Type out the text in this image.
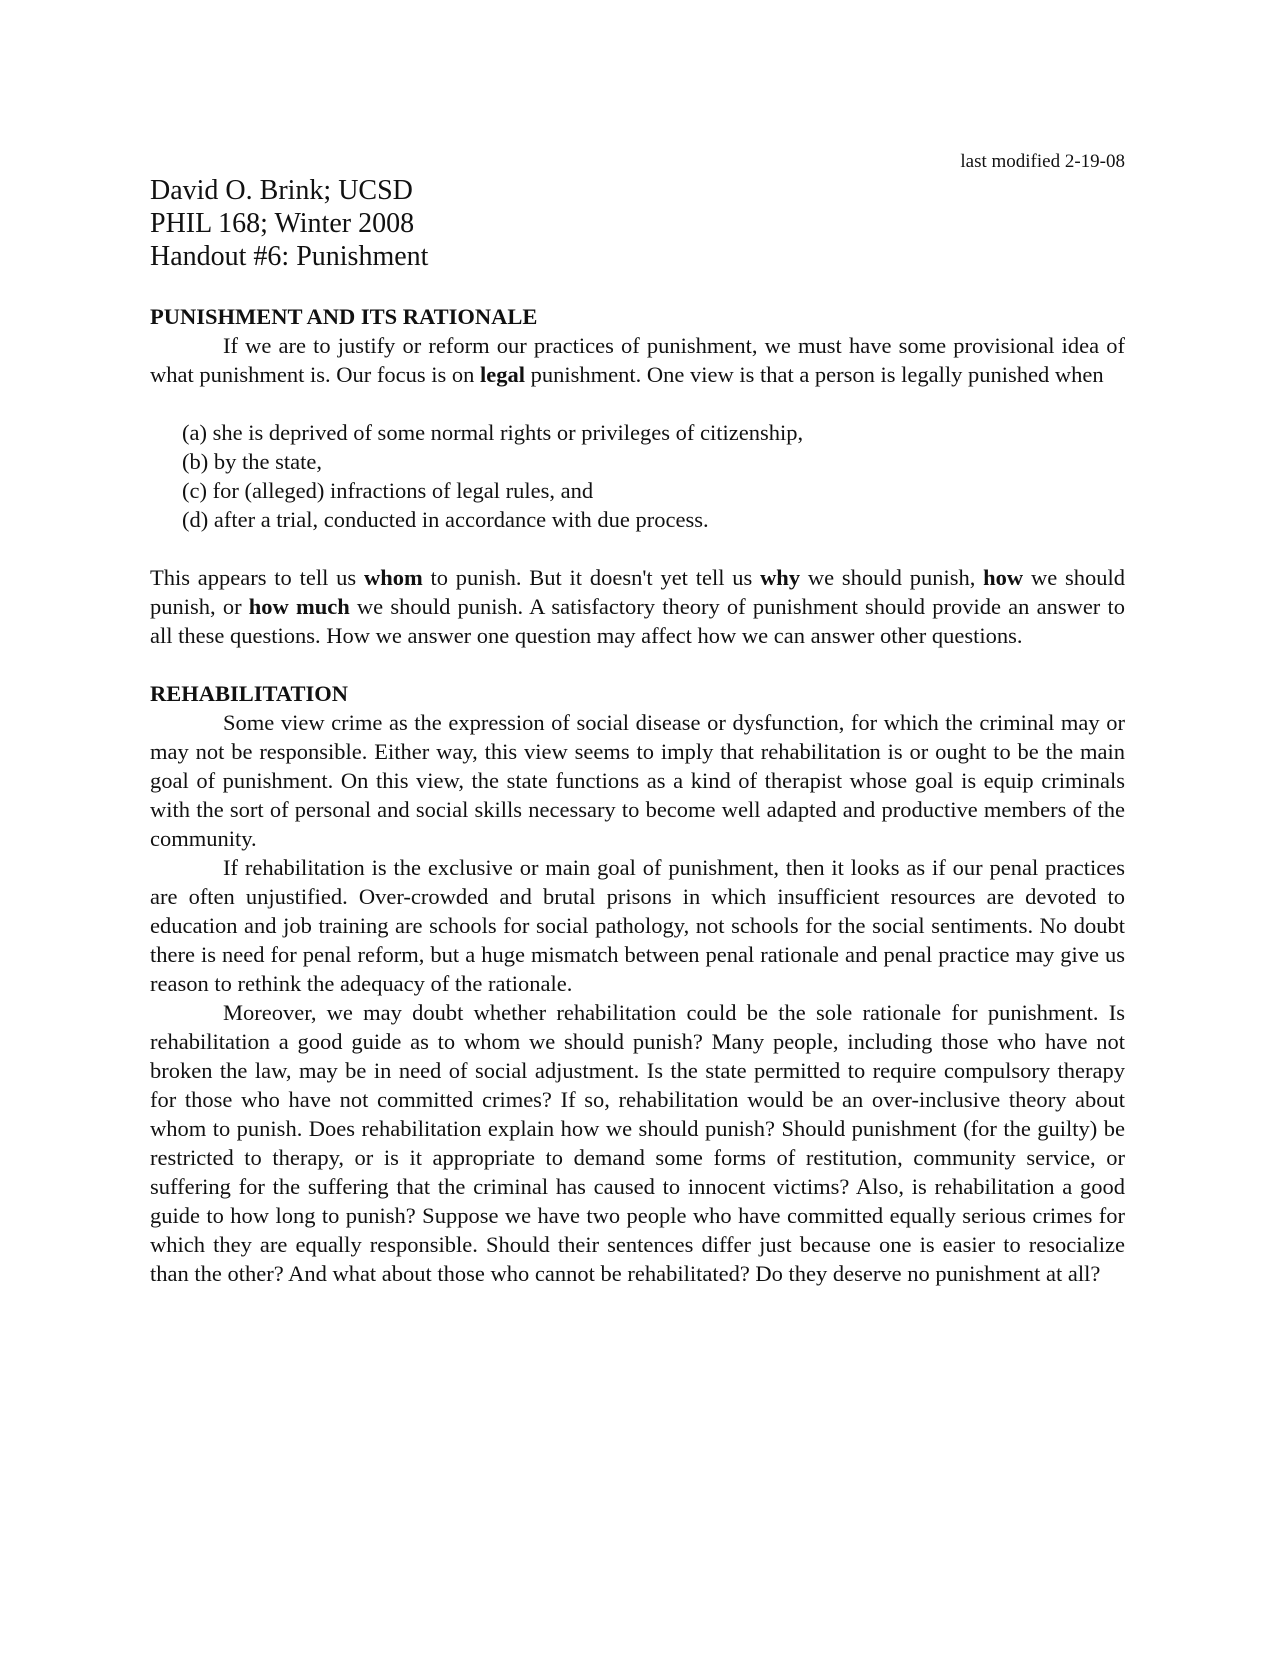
last modified 2-19-08
David O. Brink; UCSD
PHIL 168; Winter 2008
Handout #6: Punishment
PUNISHMENT AND ITS RATIONALE

If we are to justify or reform our practices of punishment, we must have some provisional idea of what punishment is. Our focus is on legal punishment. One view is that a person is legally punished when

(a) she is deprived of some normal rights or privileges of citizenship,
(b) by the state,
(c) for (alleged) infractions of legal rules, and
(d) after a trial, conducted in accordance with due process.

This appears to tell us whom to punish. But it doesn't yet tell us why we should punish, how we should punish, or how much we should punish. A satisfactory theory of punishment should provide an answer to all these questions. How we answer one question may affect how we can answer other questions.

REHABILITATION

Some view crime as the expression of social disease or dysfunction, for which the criminal may or may not be responsible. Either way, this view seems to imply that rehabilitation is or ought to be the main goal of punishment. On this view, the state functions as a kind of therapist whose goal is equip criminals with the sort of personal and social skills necessary to become well adapted and productive members of the community.

If rehabilitation is the exclusive or main goal of punishment, then it looks as if our penal practices are often unjustified. Over-crowded and brutal prisons in which insufficient resources are devoted to education and job training are schools for social pathology, not schools for the social sentiments. No doubt there is need for penal reform, but a huge mismatch between penal rationale and penal practice may give us reason to rethink the adequacy of the rationale.

Moreover, we may doubt whether rehabilitation could be the sole rationale for punishment. Is rehabilitation a good guide as to whom we should punish? Many people, including those who have not broken the law, may be in need of social adjustment. Is the state permitted to require compulsory therapy for those who have not committed crimes? If so, rehabilitation would be an over-inclusive theory about whom to punish. Does rehabilitation explain how we should punish? Should punishment (for the guilty) be restricted to therapy, or is it appropriate to demand some forms of restitution, community service, or suffering for the suffering that the criminal has caused to innocent victims? Also, is rehabilitation a good guide to how long to punish? Suppose we have two people who have committed equally serious crimes for which they are equally responsible. Should their sentences differ just because one is easier to resocialize than the other? And what about those who cannot be rehabilitated? Do they deserve no punishment at all?
